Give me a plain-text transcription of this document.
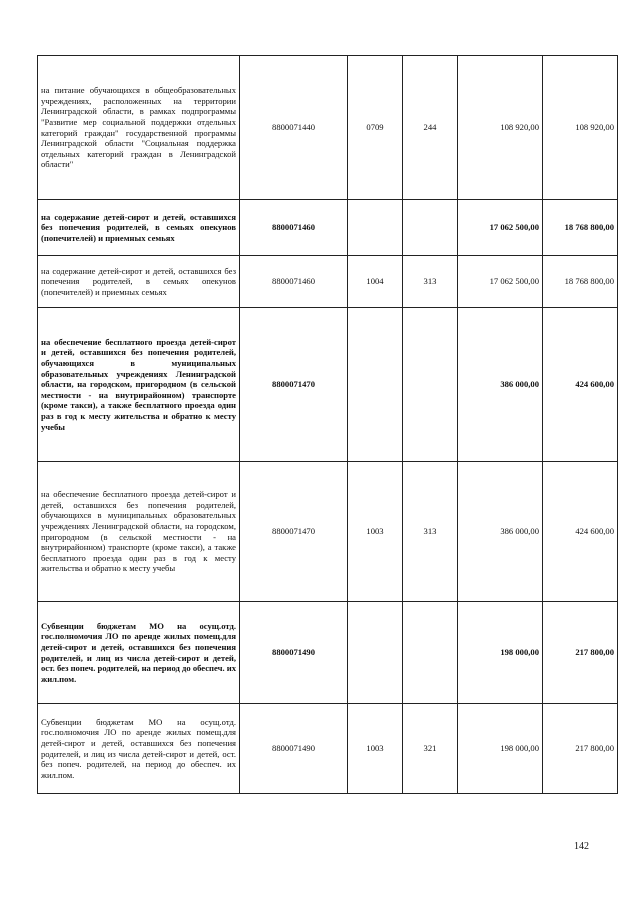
на питание обучающихся в общеобразовательных учреждениях, расположенных на территории Ленинградской области, в рамках подпрограммы "Развитие мер социальной поддержки отдельных категорий граждан" государственной программы Ленинградской области "Социальная поддержка отдельных категорий граждан в Ленинградской области"	8800071440	0709	244	108 920,00	108 920,00
на содержание детей-сирот и детей, оставшихся без попечения родителей, в семьях опекунов (попечителей) и приемных семьях	8800071460			17 062 500,00	18 768 800,00
на содержание детей-сирот и детей, оставшихся без попечения родителей, в семьях опекунов (попечителей) и приемных семьях	8800071460	1004	313	17 062 500,00	18 768 800,00
на обеспечение бесплатного проезда детей-сирот и детей, оставшихся без попечения родителей, обучающихся в муниципальных образовательных учреждениях Ленинградской области, на городском, пригородном (в сельской местности - на внутрирайонном) транспорте (кроме такси), а также бесплатного проезда один раз в год к месту жительства и обратно к месту учебы	8800071470			386 000,00	424 600,00
на обеспечение бесплатного проезда детей-сирот и детей, оставшихся без попечения родителей, обучающихся в муниципальных образовательных учреждениях Ленинградской области, на городском, пригородном (в сельской местности - на внутрирайонном) транспорте (кроме такси), а также бесплатного проезда один раз в год к месту жительства и обратно к месту учебы	8800071470	1003	313	386 000,00	424 600,00
Субвенции бюджетам МО на осущ.отд. гос.полномочия ЛО по аренде жилых помещ.для детей-сирот и детей, оставшихся без попечения родителей, и лиц из числа детей-сирот и детей, ост. без попеч. родителей, на период до обеспеч. их жил.пом.	8800071490			198 000,00	217 800,00
Субвенции бюджетам МО на осущ.отд. гос.полномочия ЛО по аренде жилых помещ.для детей-сирот и детей, оставшихся без попечения родителей, и лиц из числа детей-сирот и детей, ост. без попеч. родителей, на период до обеспеч. их жил.пом.	8800071490	1003	321	198 000,00	217 800,00
142
